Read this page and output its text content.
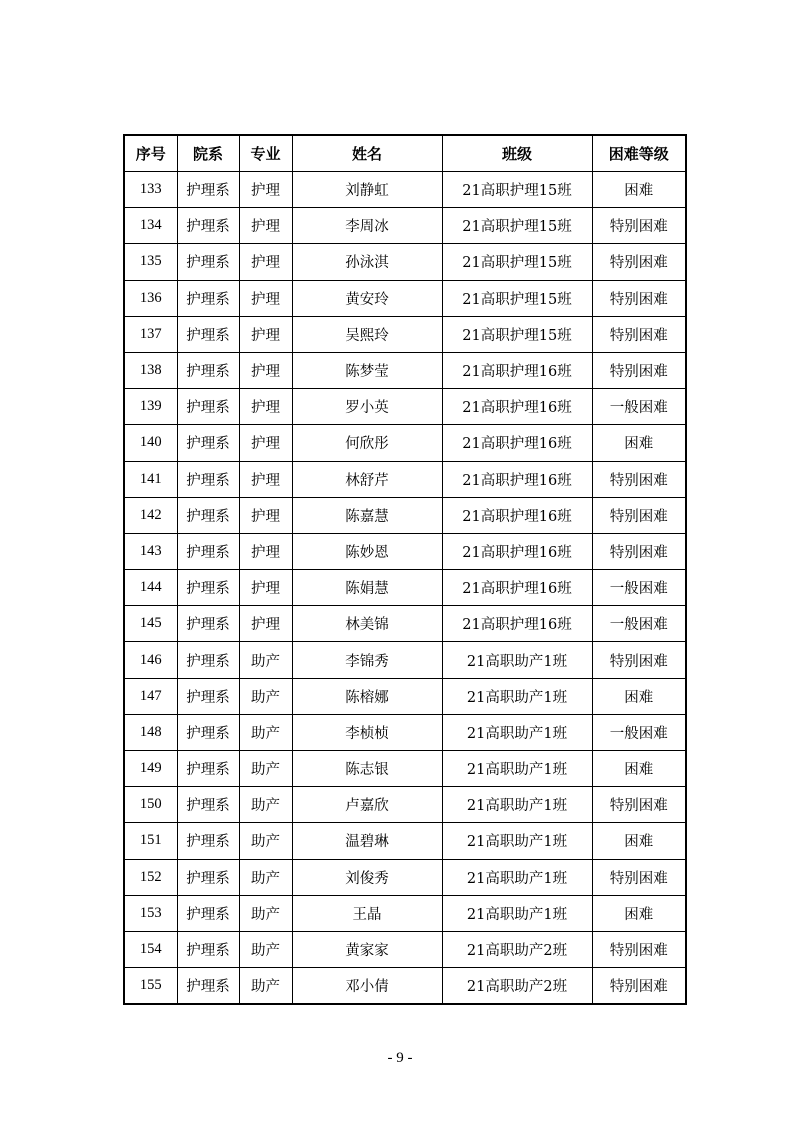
序号	院系	专业	姓名	班级	困难等级
133	护理系	护理	刘静虹	21高职护理15班	困难
134	护理系	护理	李周冰	21高职护理15班	特别困难
135	护理系	护理	孙泳淇	21高职护理15班	特别困难
136	护理系	护理	黄安玲	21高职护理15班	特别困难
137	护理系	护理	吴熙玲	21高职护理15班	特别困难
138	护理系	护理	陈梦莹	21高职护理16班	特别困难
139	护理系	护理	罗小英	21高职护理16班	一般困难
140	护理系	护理	何欣彤	21高职护理16班	困难
141	护理系	护理	林舒芹	21高职护理16班	特别困难
142	护理系	护理	陈嘉慧	21高职护理16班	特别困难
143	护理系	护理	陈妙恩	21高职护理16班	特别困难
144	护理系	护理	陈娟慧	21高职护理16班	一般困难
145	护理系	护理	林美锦	21高职护理16班	一般困难
146	护理系	助产	李锦秀	21高职助产1班	特别困难
147	护理系	助产	陈榕娜	21高职助产1班	困难
148	护理系	助产	李桢桢	21高职助产1班	一般困难
149	护理系	助产	陈志银	21高职助产1班	困难
150	护理系	助产	卢嘉欣	21高职助产1班	特别困难
151	护理系	助产	温碧琳	21高职助产1班	困难
152	护理系	助产	刘俊秀	21高职助产1班	特别困难
153	护理系	助产	王晶	21高职助产1班	困难
154	护理系	助产	黄家家	21高职助产2班	特别困难
155	护理系	助产	邓小倩	21高职助产2班	特别困难
- 9 -
